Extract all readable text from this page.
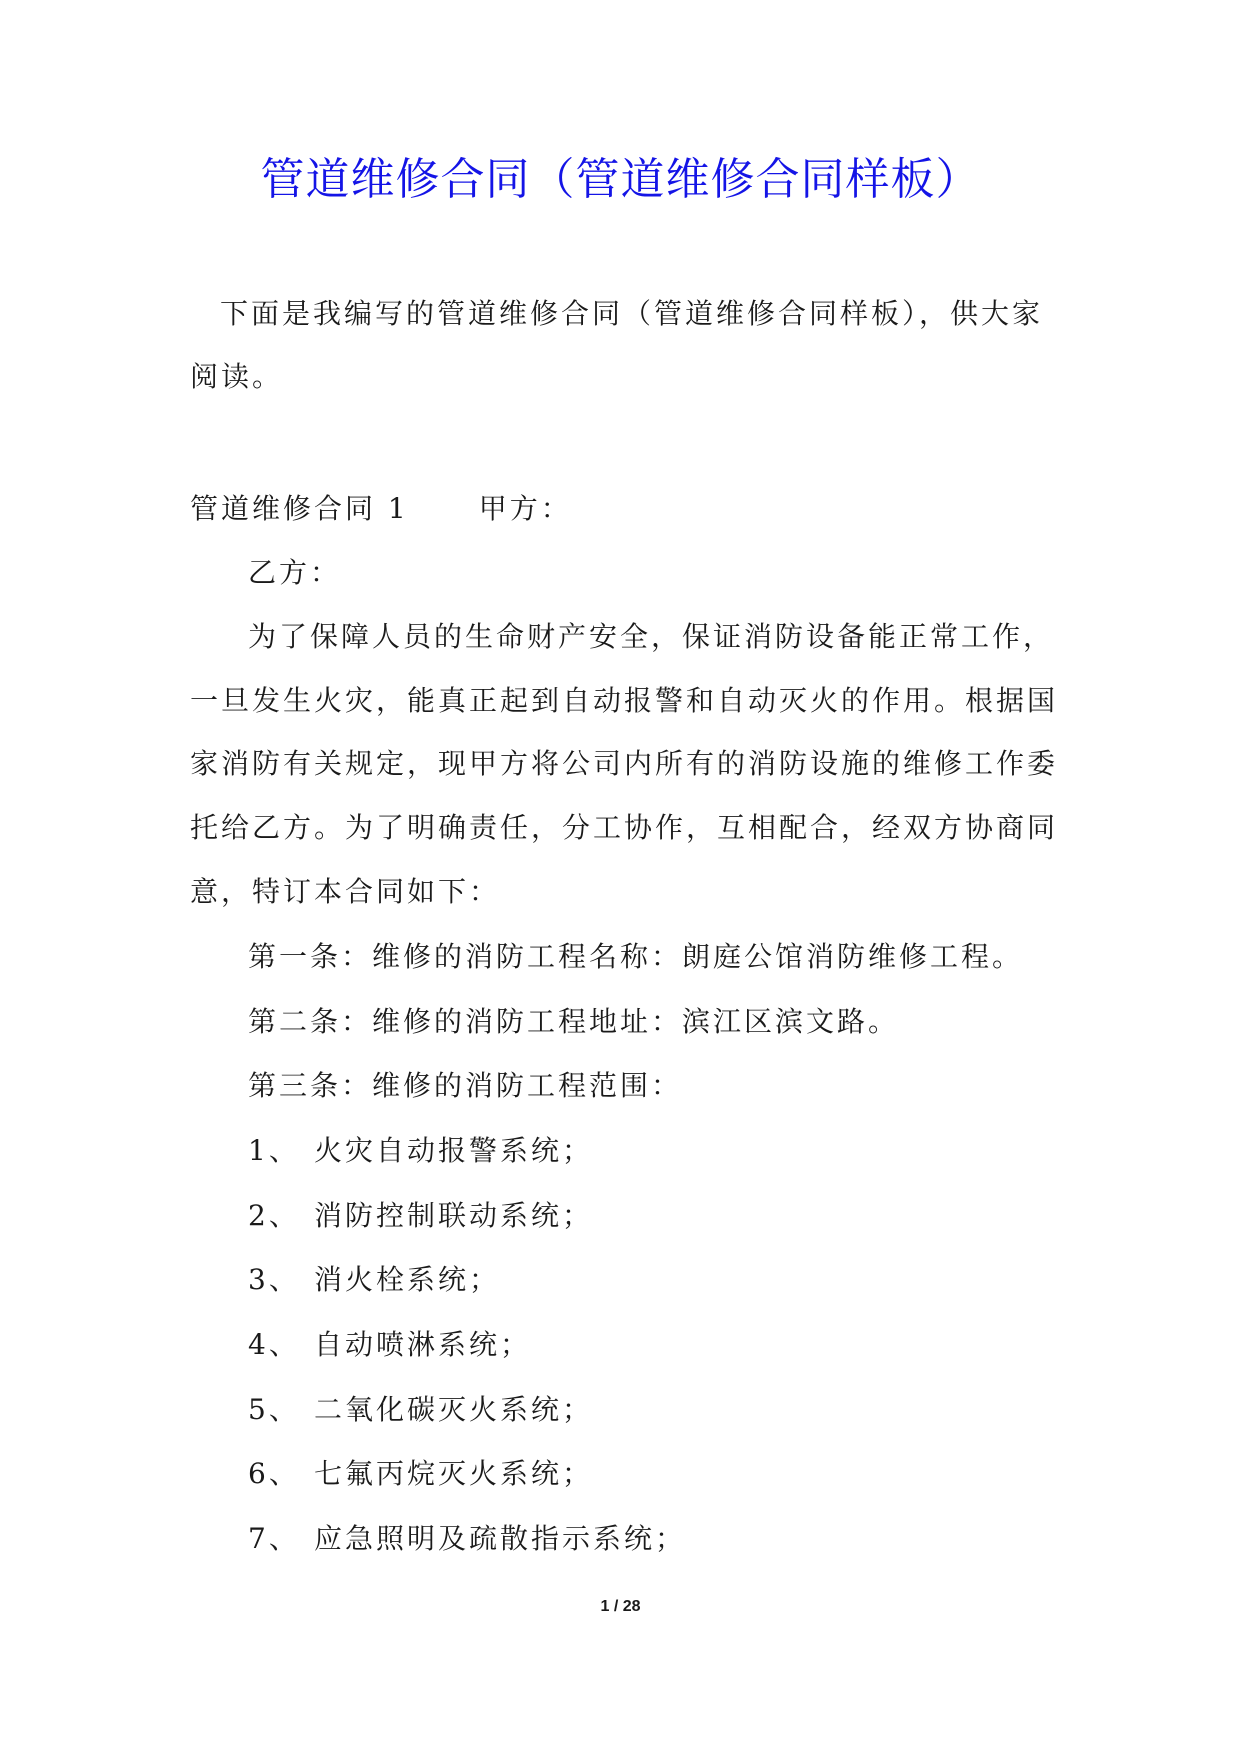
管道维修合同（管道维修合同样板）
下面是我编写的管道维修合同（管道维修合同样板），供大家
阅读。
管道维修合同 1	甲方：
乙方：
为了保障人员的生命财产安全，保证消防设备能正常工作，
一旦发生火灾，能真正起到自动报警和自动灭火的作用。根据国
家消防有关规定，现甲方将公司内所有的消防设施的维修工作委
托给乙方。为了明确责任，分工协作，互相配合，经双方协商同
意，特订本合同如下：
第一条：维修的消防工程名称：朗庭公馆消防维修工程。
第二条：维修的消防工程地址：滨江区滨文路。
第三条：维修的消防工程范围：
1、 火灾自动报警系统；
2、 消防控制联动系统；
3、 消火栓系统；
4、 自动喷淋系统；
5、 二氧化碳灭火系统；
6、 七氟丙烷灭火系统；
7、 应急照明及疏散指示系统；
1 / 28
